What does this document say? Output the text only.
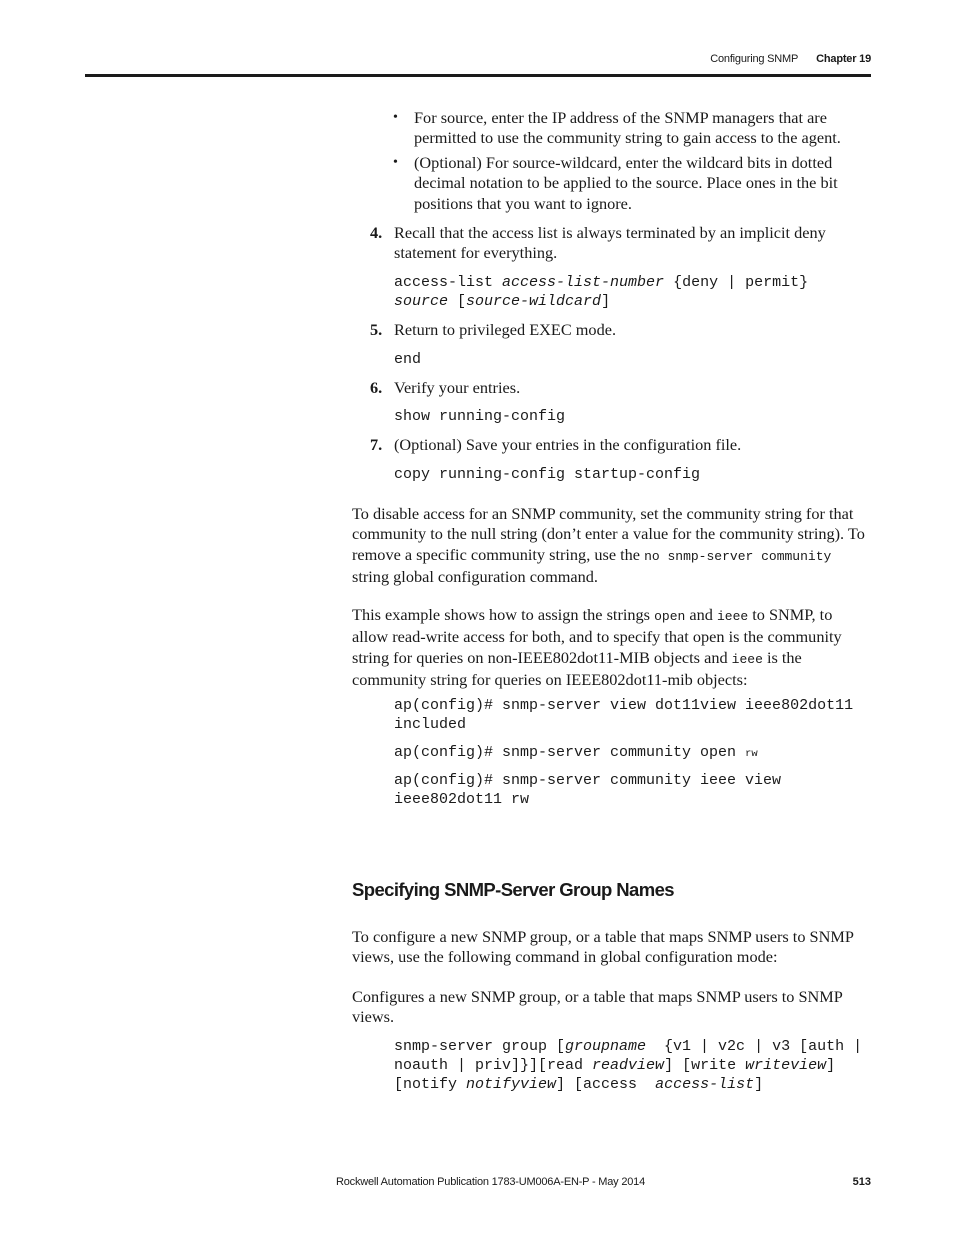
Configuring SNMP Chapter 19
• For source, enter the IP address of the SNMP managers that are permitted to use the community string to gain access to the agent.

• (Optional) For source-wildcard, enter the wildcard bits in dotted decimal notation to be applied to the source. Place ones in the bit positions that you want to ignore.

4. Recall that the access list is always terminated by an implicit deny statement for everything.

access-list access-list-number {deny | permit}
source [source-wildcard]
5. Return to privileged EXEC mode.

end
6. Verify your entries.

show running-config
7. (Optional) Save your entries in the configuration file.

copy running-config startup-config

To disable access for an SNMP community, set the community string for that community to the null string (don’t enter a value for the community string). To remove a specific community string, use the no snmp-server community string global configuration command.

This example shows how to assign the strings open and ieee to SNMP, to allow read-write access for both, and to specify that open is the community string for queries on non-IEEE802dot11-MIB objects and ieee is the community string for queries on IEEE802dot11-mib objects:

ap(config)# snmp-server view dot11view ieee802dot11
included
ap(config)# snmp-server community open rw
ap(config)# snmp-server community ieee view
ieee802dot11 rw
Specifying SNMP-Server Group Names

To configure a new SNMP group, or a table that maps SNMP users to SNMP views, use the following command in global configuration mode:

Configures a new SNMP group, or a table that maps SNMP users to SNMP views.

snmp-server group [groupname  {v1 | v2c | v3 [auth |
noauth | priv]}][read readview] [write writeview]
[notify notifyview] [access  access-list]
Rockwell Automation Publication 1783-UM006A-EN-P - May 2014	513
